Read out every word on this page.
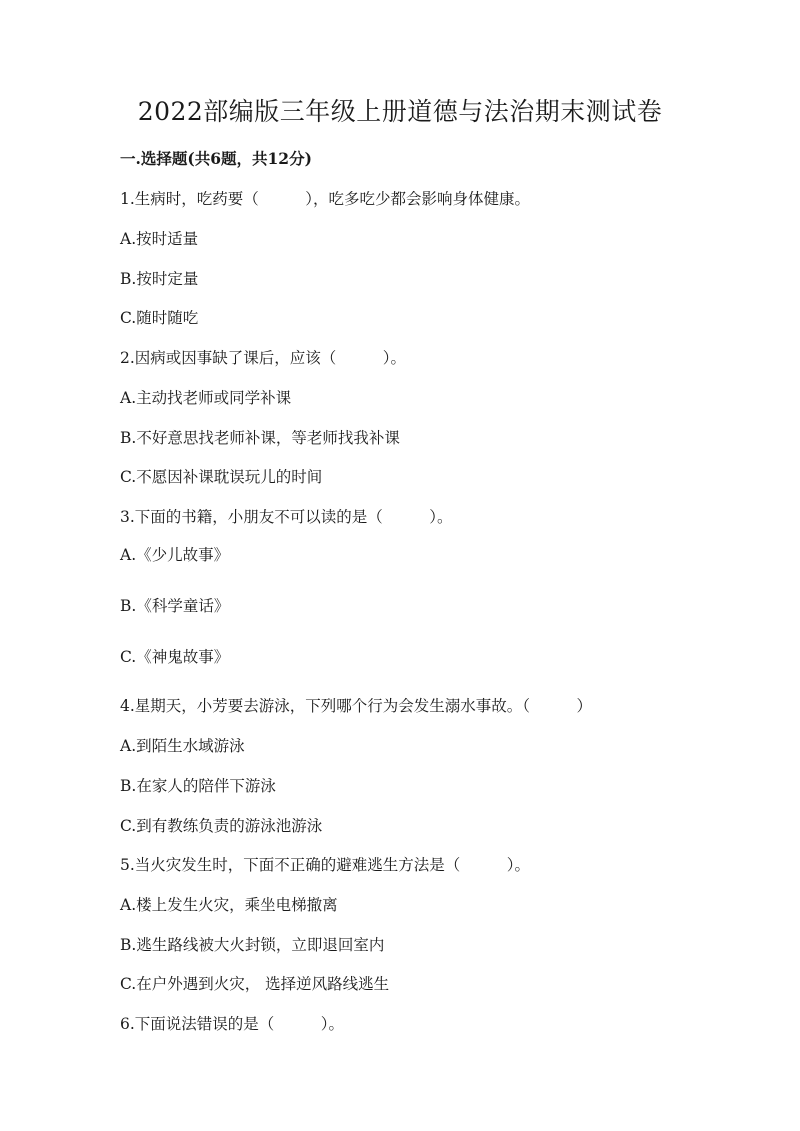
2022部编版三年级上册道德与法治期末测试卷
一.选择题(共6题，共12分)
1.生病时，吃药要（　　　），吃多吃少都会影响身体健康。
A.按时适量
B.按时定量
C.随时随吃
2.因病或因事缺了课后，应该（　　　）。
A.主动找老师或同学补课
B.不好意思找老师补课，等老师找我补课
C.不愿因补课耽误玩儿的时间
3.下面的书籍，小朋友不可以读的是（　　　）。
A.《少儿故事》
B.《科学童话》
C.《神鬼故事》
4.星期天，小芳要去游泳，下列哪个行为会发生溺水事故。（　　　）
A.到陌生水域游泳
B.在家人的陪伴下游泳
C.到有教练负责的游泳池游泳
5.当火灾发生时，下面不正确的避难逃生方法是（　　　）。
A.楼上发生火灾，乘坐电梯撤离
B.逃生路线被大火封锁，立即退回室内
C.在户外遇到火灾， 选择逆风路线逃生
6.下面说法错误的是（　　　）。
